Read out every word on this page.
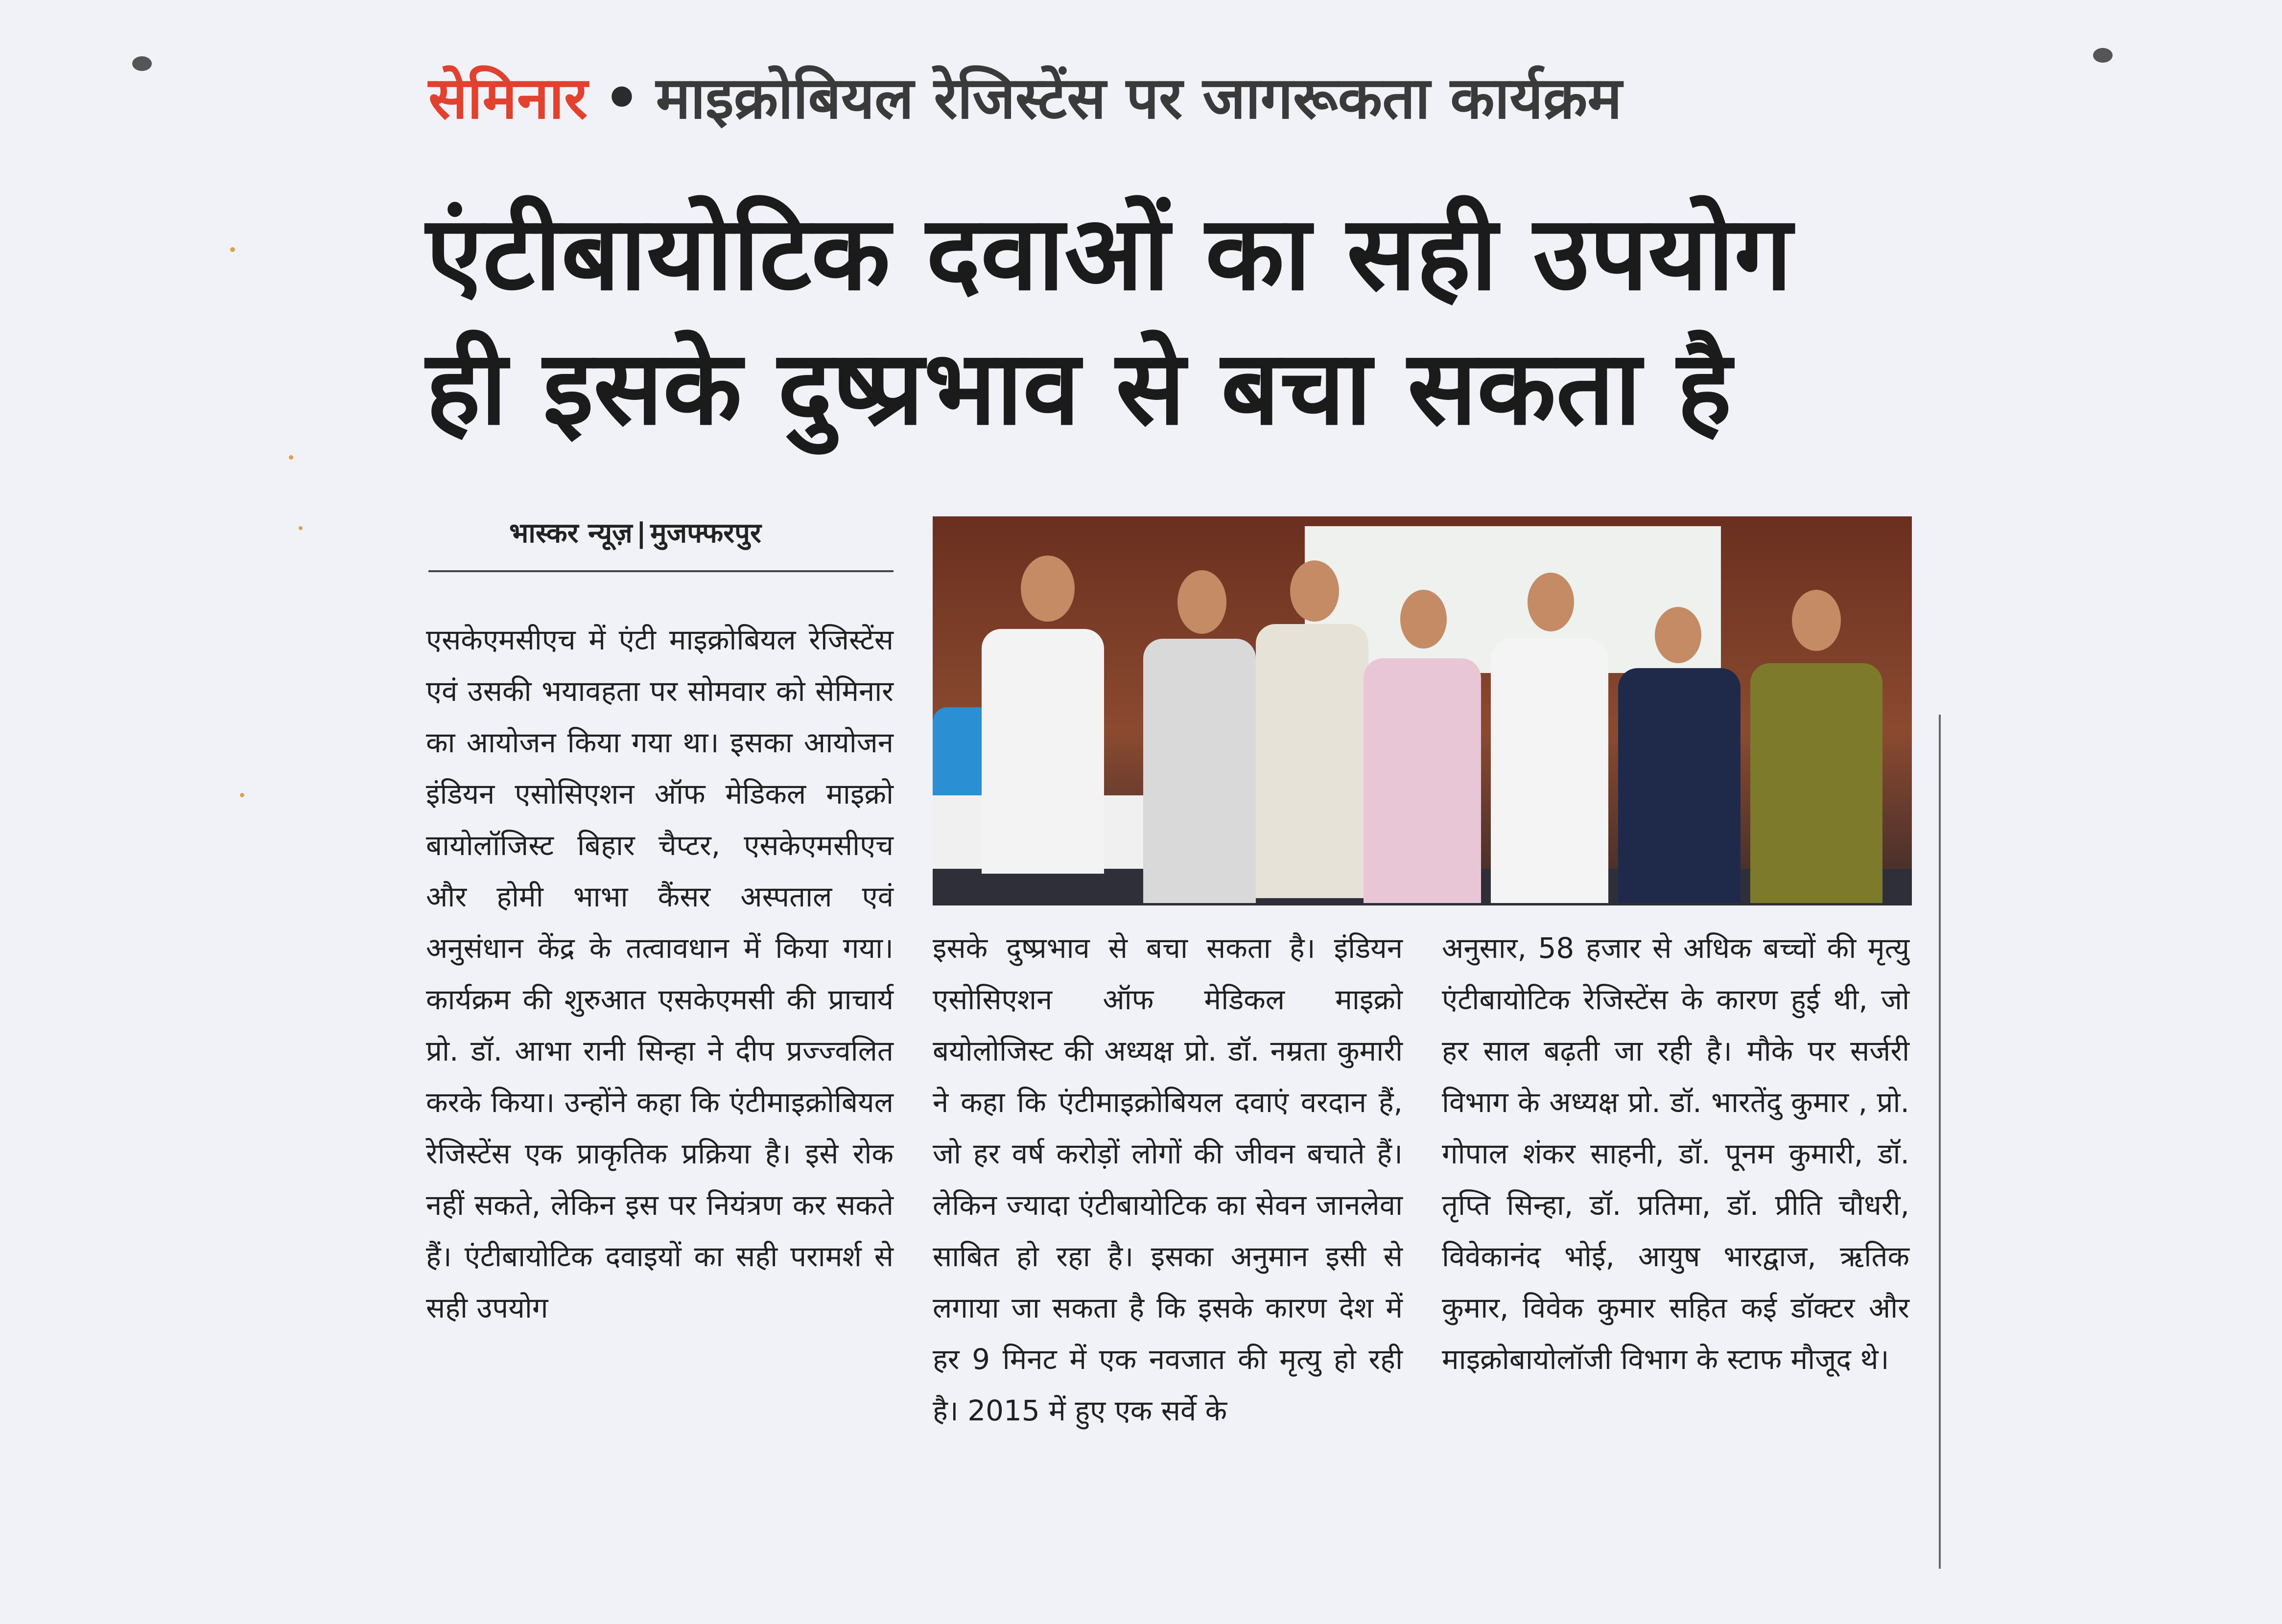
सेमिनार • माइक्रोबियल रेजिस्टेंस पर जागरूकता कार्यक्रम
एंटीबायोटिक दवाओं का सही उपयोग
ही इसके दुष्प्रभाव से बचा सकता है
भास्कर न्यूज़ | मुजफ्फरपुर
एसकेएमसीएच में एंटी माइक्रोबियल रेजिस्टेंस एवं उसकी भयावहता पर सोमवार को सेमिनार का आयोजन किया गया था। इसका आयोजन इंडियन एसोसिएशन ऑफ मेडिकल माइक्रो बायोलॉजिस्ट बिहार चैप्टर, एसकेएमसीएच और होमी भाभा कैंसर अस्पताल एवं अनुसंधान केंद्र के तत्वावधान में किया गया। कार्यक्रम की शुरुआत एसकेएमसी की प्राचार्य प्रो. डॉ. आभा रानी सिन्हा ने दीप प्रज्ज्वलित करके किया। उन्होंने कहा कि एंटीमाइक्रोबियल रेजिस्टेंस एक प्राकृतिक प्रक्रिया है। इसे रोक नहीं सकते, लेकिन इस पर नियंत्रण कर सकते हैं। एंटीबायोटिक दवाइयों का सही परामर्श से सही उपयोग
इसके दुष्प्रभाव से बचा सकता है। इंडियन एसोसिएशन ऑफ मेडिकल माइक्रो बयोलोजिस्ट की अध्यक्ष प्रो. डॉ. नम्रता कुमारी ने कहा कि एंटीमाइक्रोबियल दवाएं वरदान हैं, जो हर वर्ष करोड़ों लोगों की जीवन बचाते हैं। लेकिन ज्यादा एंटीबायोटिक का सेवन जानलेवा साबित हो रहा है। इसका अनुमान इसी से लगाया जा सकता है कि इसके कारण देश में हर 9 मिनट में एक नवजात की मृत्यु हो रही है। 2015 में हुए एक सर्वे के
अनुसार, 58 हजार से अधिक बच्चों की मृत्यु एंटीबायोटिक रेजिस्टेंस के कारण हुई थी, जो हर साल बढ़ती जा रही है। मौके पर सर्जरी विभाग के अध्यक्ष प्रो. डॉ. भारतेंदु कुमार , प्रो. गोपाल शंकर साहनी, डॉ. पूनम कुमारी, डॉ. तृप्ति सिन्हा, डॉ. प्रतिमा, डॉ. प्रीति चौधरी, विवेकानंद भोई, आयुष भारद्वाज, ऋतिक कुमार, विवेक कुमार सहित कई डॉक्टर और माइक्रोबायोलॉजी विभाग के स्टाफ मौजूद थे।
